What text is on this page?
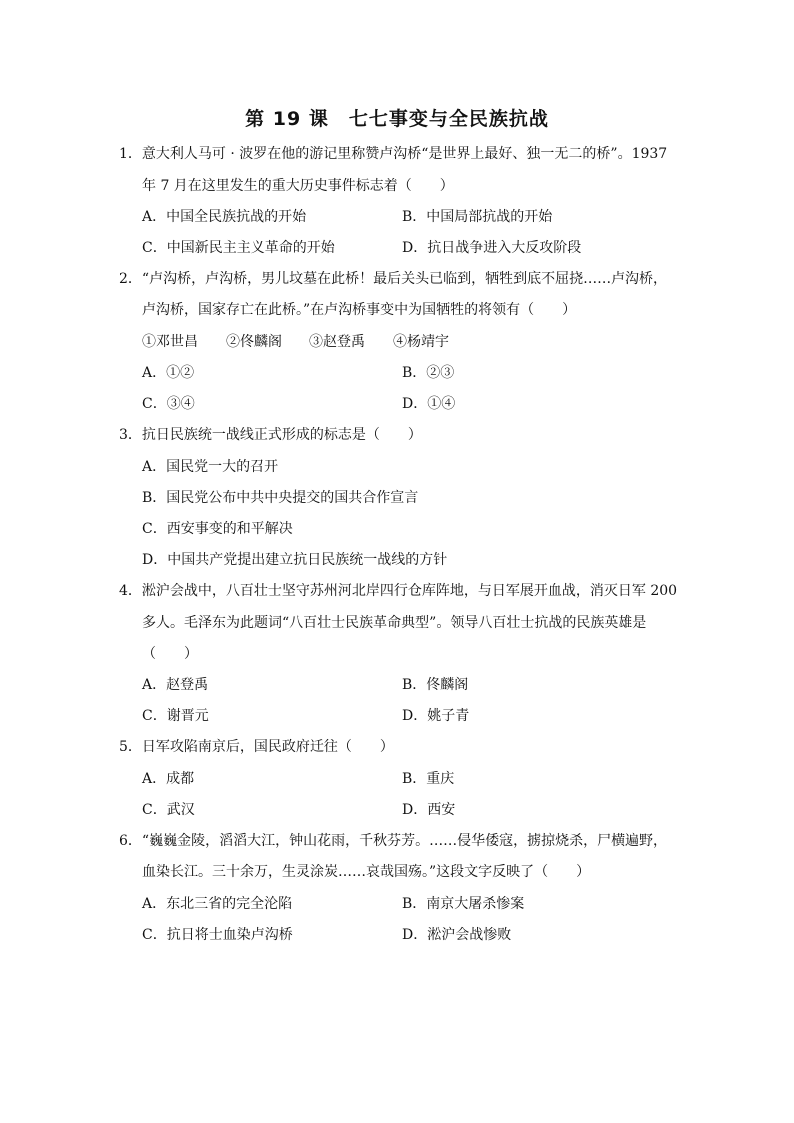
第 19 课　七七事变与全民族抗战
1．意大利人马可 · 波罗在他的游记里称赞卢沟桥“是世界上最好、独一无二的桥”。1937
年 7 月在这里发生的重大历史事件标志着（　　）
A．中国全民族抗战的开始	B．中国局部抗战的开始
C．中国新民主主义革命的开始	D．抗日战争进入大反攻阶段
2．“卢沟桥，卢沟桥，男儿坟墓在此桥！最后关头已临到，牺牲到底不屈挠……卢沟桥，
卢沟桥，国家存亡在此桥。”在卢沟桥事变中为国牺牲的将领有（　　）
①邓世昌 ②佟麟阁 ③赵登禹 ④杨靖宇
A．①②	B．②③
C．③④	D．①④
3．抗日民族统一战线正式形成的标志是（　　）
A．国民党一大的召开
B．国民党公布中共中央提交的国共合作宣言
C．西安事变的和平解决
D．中国共产党提出建立抗日民族统一战线的方针
4．淞沪会战中，八百壮士坚守苏州河北岸四行仓库阵地，与日军展开血战，消灭日军 200
多人。毛泽东为此题词“八百壮士民族革命典型”。领导八百壮士抗战的民族英雄是
（　　）
A．赵登禹	B．佟麟阁
C．谢晋元	D．姚子青
5．日军攻陷南京后，国民政府迁往（　　）
A．成都	B．重庆
C．武汉	D．西安
6．“巍巍金陵，滔滔大江，钟山花雨，千秋芬芳。……侵华倭寇，掳掠烧杀，尸横遍野，
血染长江。三十余万，生灵涂炭……哀哉国殇。”这段文字反映了（　　）
A．东北三省的完全沦陷	B．南京大屠杀惨案
C．抗日将士血染卢沟桥	D．淞沪会战惨败
